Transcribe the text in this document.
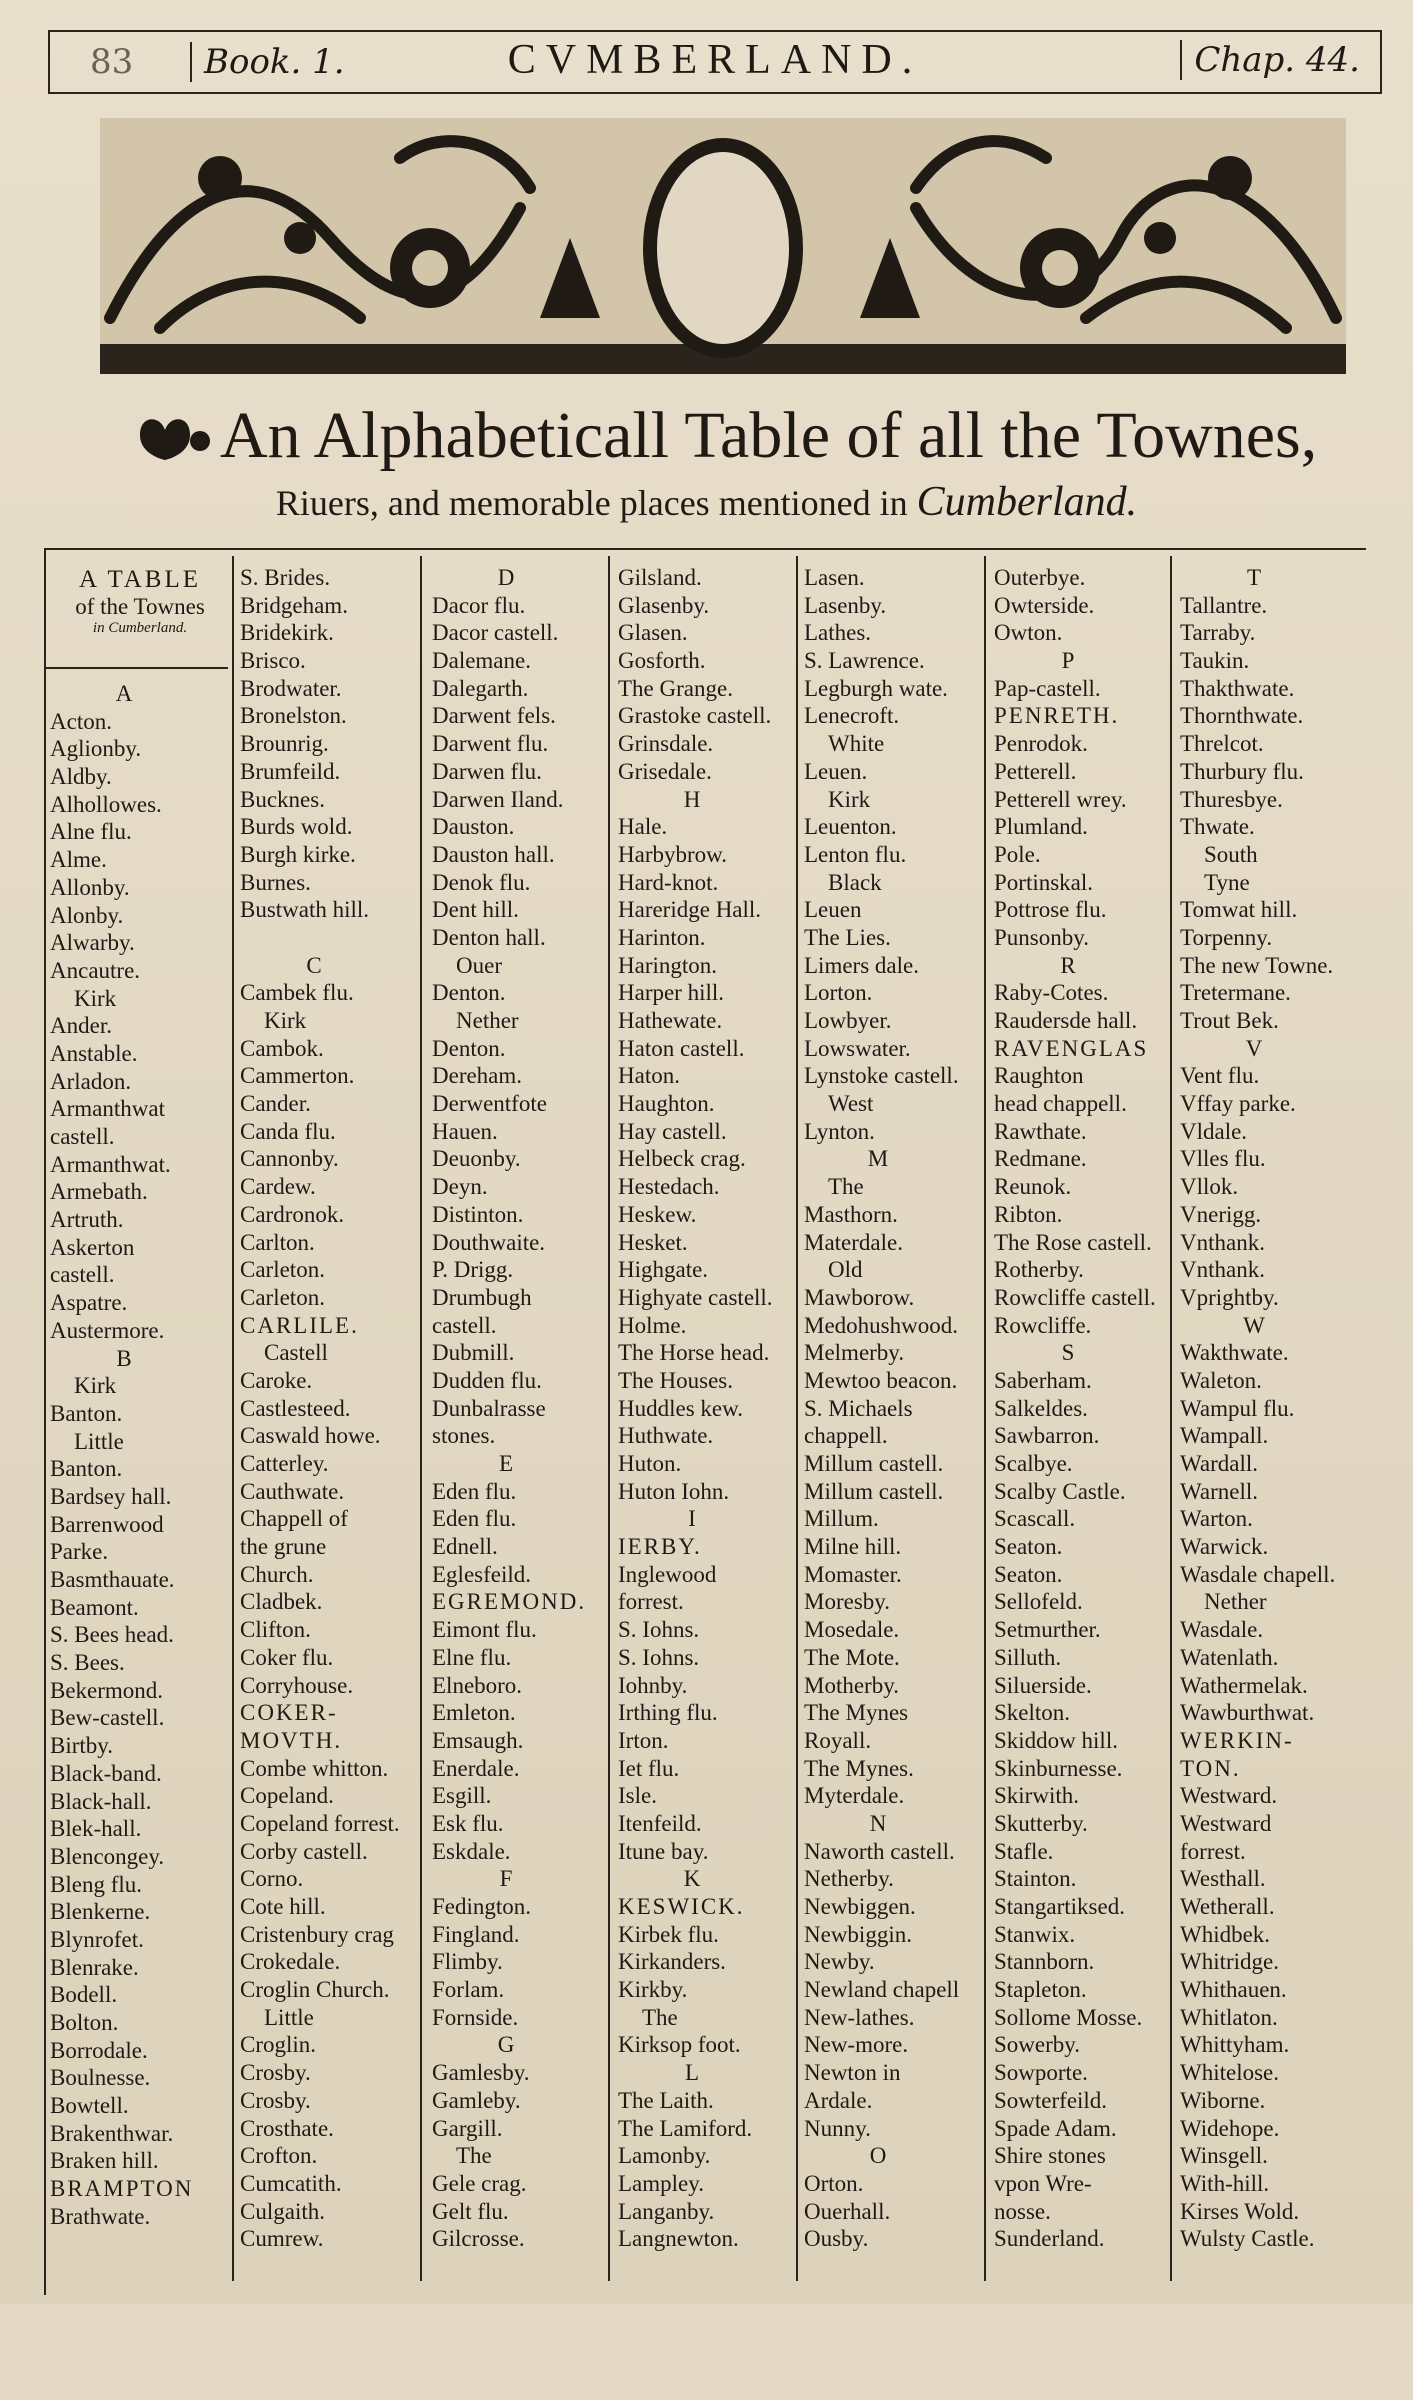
83	Book. 1.	CVMBERLAND.	Chap. 44.
An Alphabeticall Table of all the Townes,
Riuers, and memorable places mentioned in Cumberland.
A TABLE
of the Townes
in Cumberland.
A
Acton.
Aglionby.
Aldby.
Alhollowes.
Alne flu.
Alme.
Allonby.
Alonby.
Alwarby.
Ancautre.
Kirk
Ander.
Anstable.
Arladon.
Armanthwat
castell.
Armanthwat.
Armebath.
Artruth.
Askerton
castell.
Aspatre.
Austermore.
B
Kirk
Banton.
Little
Banton.
Bardsey hall.
Barrenwood
Parke.
Basmthauate.
Beamont.
S. Bees head.
S. Bees.
Bekermond.
Bew-castell.
Birtby.
Black-band.
Black-hall.
Blek-hall.
Blencongey.
Bleng flu.
Blenkerne.
Blynrofet.
Blenrake.
Bodell.
Bolton.
Borrodale.
Boulnesse.
Bowtell.
Brakenthwar.
Braken hill.
BRAMPTON
Brathwate.
S. Brides.
Bridgeham.
Bridekirk.
Brisco.
Brodwater.
Bronelston.
Brounrig.
Brumfeild.
Bucknes.
Burds wold.
Burgh kirke.
Burnes.
Bustwath hill.
C
Cambek flu.
Kirk
Cambok.
Cammerton.
Cander.
Canda flu.
Cannonby.
Cardew.
Cardronok.
Carlton.
Carleton.
Carleton.
CARLILE.
Castell
Caroke.
Castlesteed.
Caswald howe.
Catterley.
Cauthwate.
Chappell of
the grune
Church.
Cladbek.
Clifton.
Coker flu.
Corryhouse.
COKER-
MOVTH.
Combe whitton.
Copeland.
Copeland forrest.
Corby castell.
Corno.
Cote hill.
Cristenbury crag
Crokedale.
Croglin Church.
Little
Croglin.
Crosby.
Crosby.
Crosthate.
Crofton.
Cumcatith.
Culgaith.
Cumrew.
D
Dacor flu.
Dacor castell.
Dalemane.
Dalegarth.
Darwent fels.
Darwent flu.
Darwen flu.
Darwen Iland.
Dauston.
Dauston hall.
Denok flu.
Dent hill.
Denton hall.
Ouer
Denton.
Nether
Denton.
Dereham.
Derwentfote
Hauen.
Deuonby.
Deyn.
Distinton.
Douthwaite.
P. Drigg.
Drumbugh
castell.
Dubmill.
Dudden flu.
Dunbalrasse
stones.
E
Eden flu.
Eden flu.
Ednell.
Eglesfeild.
EGREMOND.
Eimont flu.
Elne flu.
Elneboro.
Emleton.
Emsaugh.
Enerdale.
Esgill.
Esk flu.
Eskdale.
F
Fedington.
Fingland.
Flimby.
Forlam.
Fornside.
G
Gamlesby.
Gamleby.
Gargill.
The
Gele crag.
Gelt flu.
Gilcrosse.
Gilsland.
Glasenby.
Glasen.
Gosforth.
The Grange.
Grastoke castell.
Grinsdale.
Grisedale.
H
Hale.
Harbybrow.
Hard-knot.
Hareridge Hall.
Harinton.
Harington.
Harper hill.
Hathewate.
Haton castell.
Haton.
Haughton.
Hay castell.
Helbeck crag.
Hestedach.
Heskew.
Hesket.
Highgate.
Highyate castell.
Holme.
The Horse head.
The Houses.
Huddles kew.
Huthwate.
Huton.
Huton Iohn.
I
IERBY.
Inglewood
forrest.
S. Iohns.
S. Iohns.
Iohnby.
Irthing flu.
Irton.
Iet flu.
Isle.
Itenfeild.
Itune bay.
K
KESWICK.
Kirbek flu.
Kirkanders.
Kirkby.
The
Kirksop foot.
L
The Laith.
The Lamiford.
Lamonby.
Lampley.
Langanby.
Langnewton.
Lasen.
Lasenby.
Lathes.
S. Lawrence.
Legburgh wate.
Lenecroft.
White
Leuen.
Kirk
Leuenton.
Lenton flu.
Black
Leuen
The Lies.
Limers dale.
Lorton.
Lowbyer.
Lowswater.
Lynstoke castell.
West
Lynton.
M
The
Masthorn.
Materdale.
Old
Mawborow.
Medohushwood.
Melmerby.
Mewtoo beacon.
S. Michaels
chappell.
Millum castell.
Millum castell.
Millum.
Milne hill.
Momaster.
Moresby.
Mosedale.
The Mote.
Motherby.
The Mynes
Royall.
The Mynes.
Myterdale.
N
Naworth castell.
Netherby.
Newbiggen.
Newbiggin.
Newby.
Newland chapell
New-lathes.
New-more.
Newton in
Ardale.
Nunny.
O
Orton.
Ouerhall.
Ousby.
Outerbye.
Owterside.
Owton.
P
Pap-castell.
PENRETH.
Penrodok.
Petterell.
Petterell wrey.
Plumland.
Pole.
Portinskal.
Pottrose flu.
Punsonby.
R
Raby-Cotes.
Raudersde hall.
RAVENGLAS
Raughton
head chappell.
Rawthate.
Redmane.
Reunok.
Ribton.
The Rose castell.
Rotherby.
Rowcliffe castell.
Rowcliffe.
S
Saberham.
Salkeldes.
Sawbarron.
Scalbye.
Scalby Castle.
Scascall.
Seaton.
Seaton.
Sellofeld.
Setmurther.
Silluth.
Siluerside.
Skelton.
Skiddow hill.
Skinburnesse.
Skirwith.
Skutterby.
Stafle.
Stainton.
Stangartiksed.
Stanwix.
Stannborn.
Stapleton.
Sollome Mosse.
Sowerby.
Sowporte.
Sowterfeild.
Spade Adam.
Shire stones
vpon Wre-
nosse.
Sunderland.
T
Tallantre.
Tarraby.
Taukin.
Thakthwate.
Thornthwate.
Threlcot.
Thurbury flu.
Thuresbye.
Thwate.
South
Tyne
Tomwat hill.
Torpenny.
The new Towne.
Tretermane.
Trout Bek.
V
Vent flu.
Vffay parke.
Vldale.
Vlles flu.
Vllok.
Vnerigg.
Vnthank.
Vnthank.
Vprightby.
W
Wakthwate.
Waleton.
Wampul flu.
Wampall.
Wardall.
Warnell.
Warton.
Warwick.
Wasdale chapell.
Nether
Wasdale.
Watenlath.
Wathermelak.
Wawburthwat.
WERKIN-
TON.
Westward.
Westward
forrest.
Westhall.
Wetherall.
Whidbek.
Whitridge.
Whithauen.
Whitlaton.
Whittyham.
Whitelose.
Wiborne.
Widehope.
Winsgell.
With-hill.
Kirses Wold.
Wulsty Castle.
